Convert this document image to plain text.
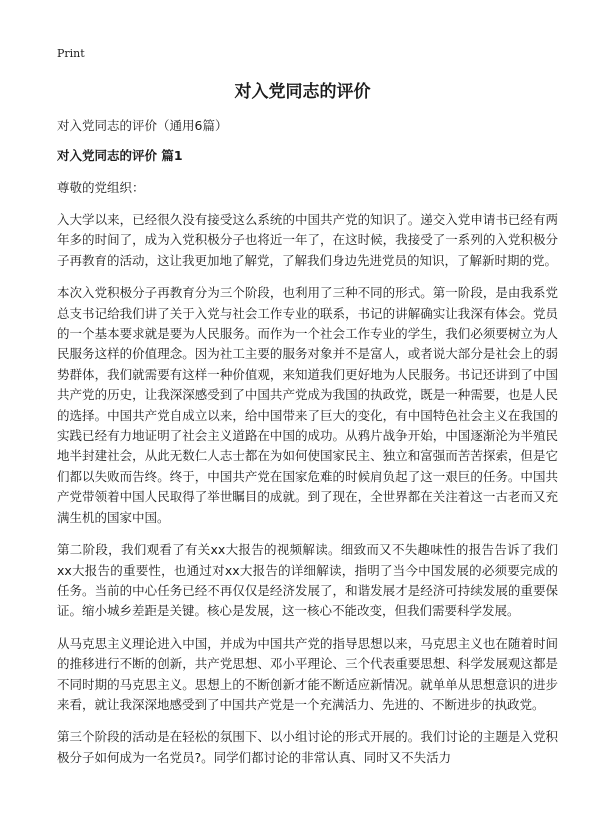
Print

对入党同志的评价

对入党同志的评价（通用6篇）

对入党同志的评价 篇1

尊敬的党组织：

入大学以来，已经很久没有接受这么系统的中国共产党的知识了。递交入党申请书已经有两年多的时间了，成为入党积极分子也将近一年了，在这时候，我接受了一系列的入党积极分子再教育的活动，这让我更加地了解党，了解我们身边先进党员的知识，了解新时期的党。

本次入党积极分子再教育分为三个阶段，也利用了三种不同的形式。第一阶段，是由我系党总支书记给我们讲了关于入党与社会工作专业的联系，书记的讲解确实让我深有体会。党员的一个基本要求就是要为人民服务。而作为一个社会工作专业的学生，我们必须要树立为人民服务这样的价值理念。因为社工主要的服务对象并不是富人，或者说大部分是社会上的弱势群体，我们就需要有这样一种价值观，来知道我们更好地为人民服务。书记还讲到了中国共产党的历史，让我深深感受到了中国共产党成为我国的执政党，既是一种需要，也是人民的选择。中国共产党自成立以来，给中国带来了巨大的变化，有中国特色社会主义在我国的实践已经有力地证明了社会主义道路在中国的成功。从鸦片战争开始，中国逐渐沦为半殖民地半封建社会，从此无数仁人志士都在为如何使国家民主、独立和富强而苦苦探索，但是它们都以失败而告终。终于，中国共产党在国家危难的时候肩负起了这一艰巨的任务。中国共产党带领着中国人民取得了举世瞩目的成就。到了现在，全世界都在关注着这一古老而又充满生机的国家中国。

第二阶段，我们观看了有关xx大报告的视频解读。细致而又不失趣味性的报告告诉了我们xx大报告的重要性，也通过对xx大报告的详细解读，指明了当今中国发展的必须要完成的任务。当前的中心任务已经不再仅仅是经济发展了，和谐发展才是经济可持续发展的重要保证。缩小城乡差距是关键。核心是发展，这一核心不能改变，但我们需要科学发展。

从马克思主义理论进入中国，并成为中国共产党的指导思想以来，马克思主义也在随着时间的推移进行不断的创新，共产党思想、邓小平理论、三个代表重要思想、科学发展观这都是不同时期的马克思主义。思想上的不断创新才能不断适应新情况。就单单从思想意识的进步来看，就让我深深地感受到了中国共产党是一个充满活力、先进的、不断进步的执政党。

第三个阶段的活动是在轻松的氛围下、以小组讨论的形式开展的。我们讨论的主题是入党积极分子如何成为一名党员?。同学们都讨论的非常认真、同时又不失活力
